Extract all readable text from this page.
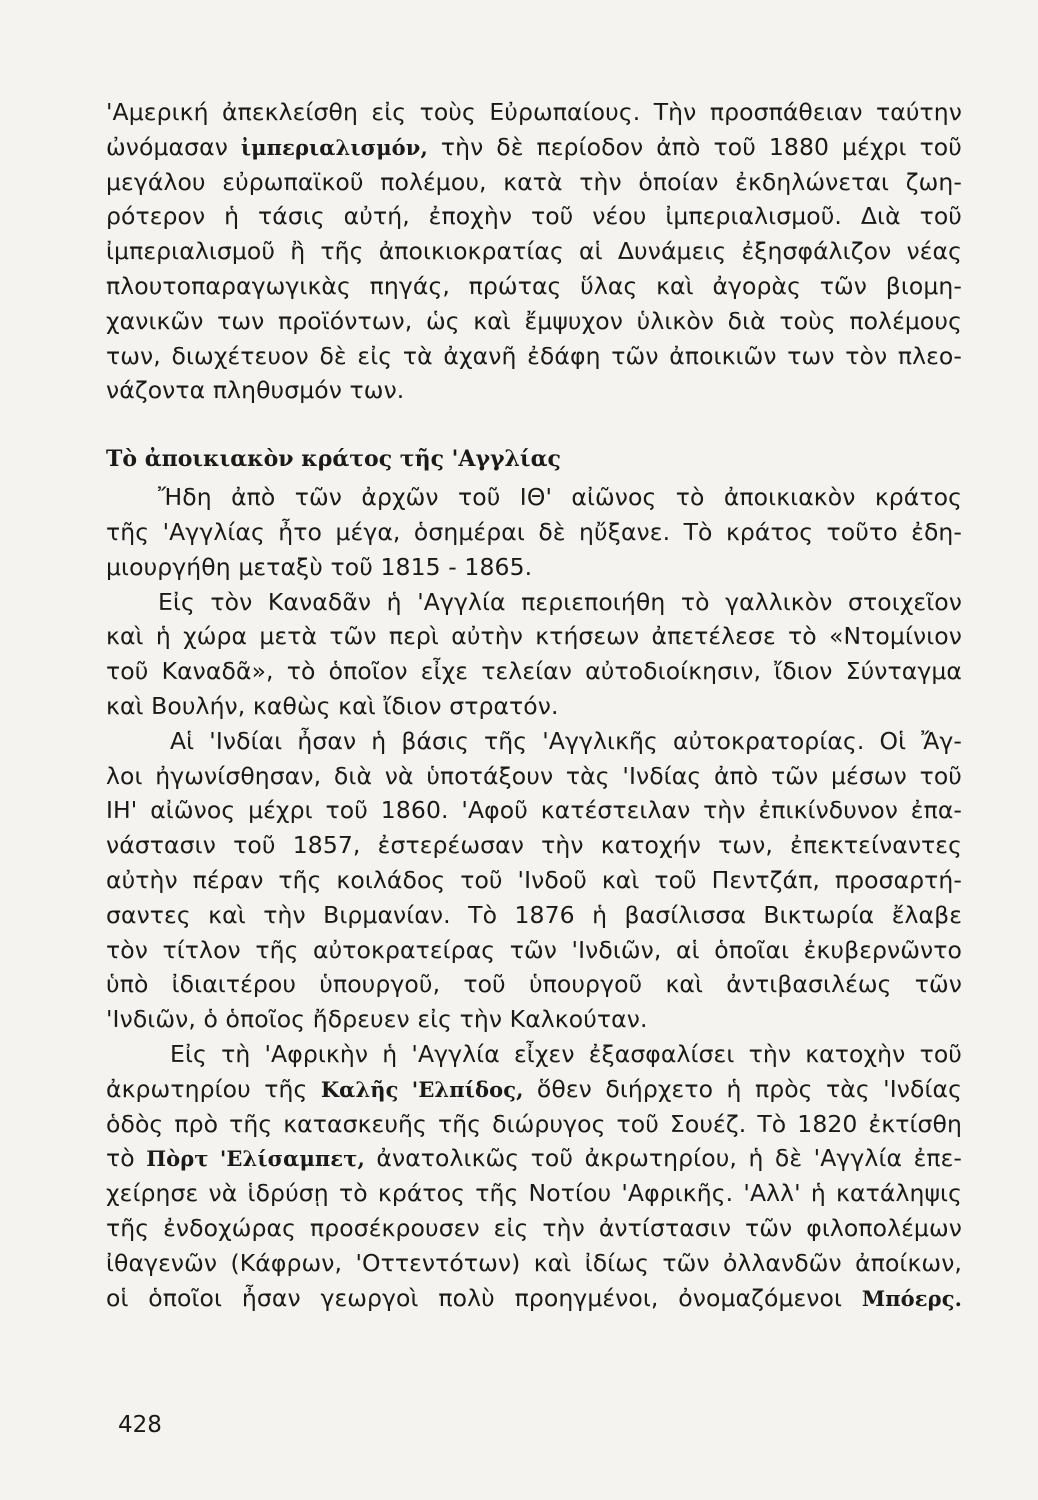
'Αμερική ἀπεκλείσθη εἰς τοὺς Εὐρωπαίους. Τὴν προσπάθειαν ταύτην
ὠνόμασαν ἰμπεριαλισμόν, τὴν δὲ περίοδον ἀπὸ τοῦ 1880 μέχρι τοῦ
μεγάλου εὐρωπαϊκοῦ πολέμου, κατὰ τὴν ὁποίαν ἐκδηλώνεται ζωη-
ρότερον ἡ τάσις αὐτή, ἐποχὴν τοῦ νέου ἰμπεριαλισμοῦ. Διὰ τοῦ
ἰμπεριαλισμοῦ ἢ τῆς ἀποικιοκρατίας αἱ Δυνάμεις ἐξησφάλιζον νέας
πλουτοπαραγωγικὰς πηγάς, πρώτας ὕλας καὶ ἀγορὰς τῶν βιομη-
χανικῶν των προϊόντων, ὡς καὶ ἔμψυχον ὑλικὸν διὰ τοὺς πολέμους
των, διωχέτευον δὲ εἰς τὰ ἀχανῆ ἐδάφη τῶν ἀποικιῶν των τὸν πλεο-
νάζοντα πληθυσμόν των.
Τὸ ἀποικιακὸν κράτος τῆς 'Αγγλίας
Ἤδη ἀπὸ τῶν ἀρχῶν τοῦ ΙΘ' αἰῶνος τὸ ἀποικιακὸν κράτος
τῆς 'Αγγλίας ἦτο μέγα, ὁσημέραι δὲ ηὔξανε. Τὸ κράτος τοῦτο ἐδη-
μιουργήθη μεταξὺ τοῦ 1815 - 1865.
Εἰς τὸν Καναδᾶν ἡ 'Αγγλία περιεποιήθη τὸ γαλλικὸν στοιχεῖον
καὶ ἡ χώρα μετὰ τῶν περὶ αὐτὴν κτήσεων ἀπετέλεσε τὸ «Ντομίνιον
τοῦ Καναδᾶ», τὸ ὁποῖον εἶχε τελείαν αὐτοδιοίκησιν, ἴδιον Σύνταγμα
καὶ Βουλήν, καθὼς καὶ ἴδιον στρατόν.
Αἱ 'Ινδίαι ἦσαν ἡ βάσις τῆς 'Αγγλικῆς αὐτοκρατορίας. Οἱ Ἄγ-
λοι ἠγωνίσθησαν, διὰ νὰ ὑποτάξουν τὰς 'Ινδίας ἀπὸ τῶν μέσων τοῦ
ΙΗ' αἰῶνος μέχρι τοῦ 1860. 'Αφοῦ κατέστειλαν τὴν ἐπικίνδυνον ἐπα-
νάστασιν τοῦ 1857, ἐστερέωσαν τὴν κατοχήν των, ἐπεκτείναντες
αὐτὴν πέραν τῆς κοιλάδος τοῦ 'Ινδοῦ καὶ τοῦ Πεντζάπ, προσαρτή-
σαντες καὶ τὴν Βιρμανίαν. Τὸ 1876 ἡ βασίλισσα Βικτωρία ἔλαβε
τὸν τίτλον τῆς αὐτοκρατείρας τῶν 'Ινδιῶν, αἱ ὁποῖαι ἐκυβερνῶντο
ὑπὸ ἰδιαιτέρου ὑπουργοῦ, τοῦ ὑπουργοῦ καὶ ἀντιβασιλέως τῶν
'Ινδιῶν, ὁ ὁποῖος ἤδρευεν εἰς τὴν Καλκούταν.
Εἰς τὴ 'Αφρικὴν ἡ 'Αγγλία εἶχεν ἐξασφαλίσει τὴν κατοχὴν τοῦ
ἀκρωτηρίου τῆς Καλῆς 'Ελπίδος, ὅθεν διήρχετο ἡ πρὸς τὰς 'Ινδίας
ὁδὸς πρὸ τῆς κατασκευῆς τῆς διώρυγος τοῦ Σουέζ. Τὸ 1820 ἐκτίσθη
τὸ Πὸρτ 'Ελίσαμπετ, ἀνατολικῶς τοῦ ἀκρωτηρίου, ἡ δὲ 'Αγγλία ἐπε-
χείρησε νὰ ἱδρύσῃ τὸ κράτος τῆς Νοτίου 'Αφρικῆς. 'Αλλ' ἡ κατάληψις
τῆς ἐνδοχώρας προσέκρουσεν εἰς τὴν ἀντίστασιν τῶν φιλοπολέμων
ἰθαγενῶν (Κάφρων, 'Οττεντότων) καὶ ἰδίως τῶν ὀλλανδῶν ἀποίκων,
οἱ ὁποῖοι ἦσαν γεωργοὶ πολὺ προηγμένοι, ὀνομαζόμενοι Μπόερς.
428
